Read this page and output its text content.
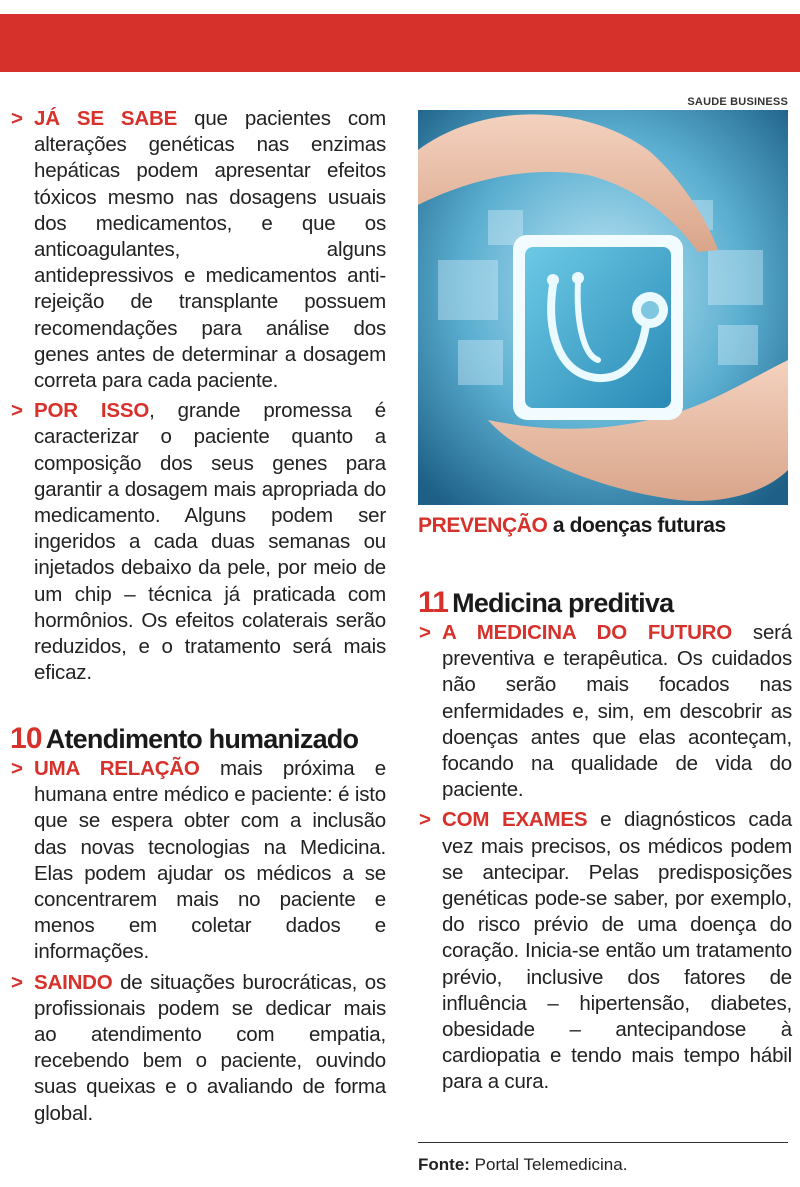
> JÁ SE SABE que pacientes com alterações genéticas nas enzimas hepáticas podem apresentar efeitos tóxicos mesmo nas dosagens usuais dos medicamentos, e que os anticoagulantes, alguns antidepressivos e medicamentos anti-rejeição de transplante possuem recomendações para análise dos genes antes de determinar a dosagem correta para cada paciente.

> POR ISSO, grande promessa é caracterizar o paciente quanto a composição dos seus genes para garantir a dosagem mais apropriada do medicamento. Alguns podem ser ingeridos a cada duas semanas ou injetados debaixo da pele, por meio de um chip – técnica já praticada com hormônios. Os efeitos colaterais serão reduzidos, e o tratamento será mais eficaz.

10 Atendimento humanizado

> UMA RELAÇÃO mais próxima e humana entre médico e paciente: é isto que se espera obter com a inclusão das novas tecnologias na Medicina. Elas podem ajudar os médicos a se concentrarem mais no paciente e menos em coletar dados e informações.

> SAINDO de situações burocráticas, os profissionais podem se dedicar mais ao atendimento com empatia, recebendo bem o paciente, ouvindo suas queixas e o avaliando de forma global.

SAUDE BUSINESS
PREVENÇÃO a doenças futuras
11 Medicina preditiva

> A MEDICINA DO FUTURO será preventiva e terapêutica. Os cuidados não serão mais focados nas enfermidades e, sim, em descobrir as doenças antes que elas aconteçam, focando na qualidade de vida do paciente.

> COM EXAMES e diagnósticos cada vez mais precisos, os médicos podem se antecipar. Pelas predisposições genéticas pode-se saber, por exemplo, do risco prévio de uma doença do coração. Inicia-se então um tratamento prévio, inclusive dos fatores de influência – hipertensão, diabetes, obesidade – antecipandose à cardiopatia e tendo mais tempo hábil para a cura.

Fonte: Portal Telemedicina.
